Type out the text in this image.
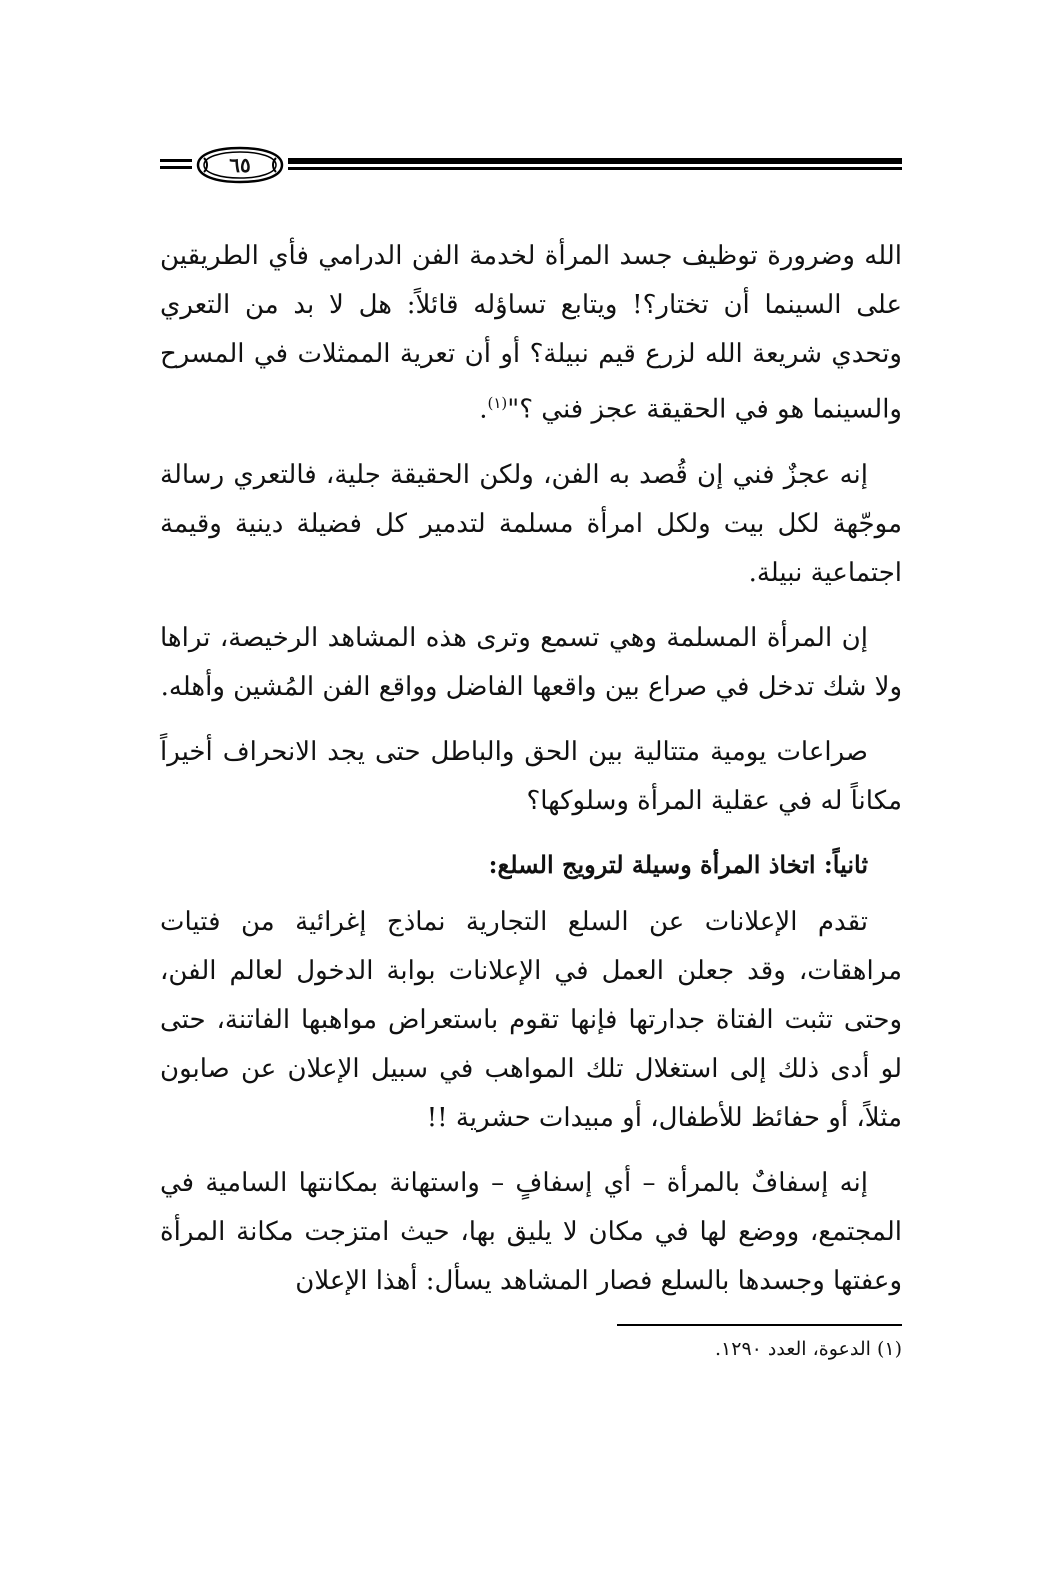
٦٥

الله وضرورة توظيف جسد المرأة لخدمة الفن الدرامي فأي الطريقين على السينما أن تختار؟! ويتابع تساؤله قائلاً: هل لا بد من التعري وتحدي شريعة الله لزرع قيم نبيلة؟ أو أن تعرية الممثلات في المسرح والسينما هو في الحقيقة عجز فني ؟"$^{(١)}$.

إنه عجزٌ فني إن قُصد به الفن، ولكن الحقيقة جلية، فالتعري رسالة موجّهة لكل بيت ولكل امرأة مسلمة لتدمير كل فضيلة دينية وقيمة اجتماعية نبيلة.

إن المرأة المسلمة وهي تسمع وترى هذه المشاهد الرخيصة، تراها ولا شك تدخل في صراع بين واقعها الفاضل وواقع الفن المُشين وأهله.

صراعات يومية متتالية بين الحق والباطل حتى يجد الانحراف أخيراً مكاناً له في عقلية المرأة وسلوكها؟

ثانياً: اتخاذ المرأة وسيلة لترويج السلع:

تقدم الإعلانات عن السلع التجارية نماذج إغرائية من فتيات مراهقات، وقد جعلن العمل في الإعلانات بوابة الدخول لعالم الفن، وحتى تثبت الفتاة جدارتها فإنها تقوم باستعراض مواهبها الفاتنة، حتى لو أدى ذلك إلى استغلال تلك المواهب في سبيل الإعلان عن صابون مثلاً، أو حفائظ للأطفال، أو مبيدات حشرية !!

إنه إسفافٌ بالمرأة – أي إسفافٍ – واستهانة بمكانتها السامية في المجتمع، ووضع لها في مكان لا يليق بها، حيث امتزجت مكانة المرأة وعفتها وجسدها بالسلع فصار المشاهد يسأل: أهذا الإعلان

(١) الدعوة، العدد ١٢٩٠.
